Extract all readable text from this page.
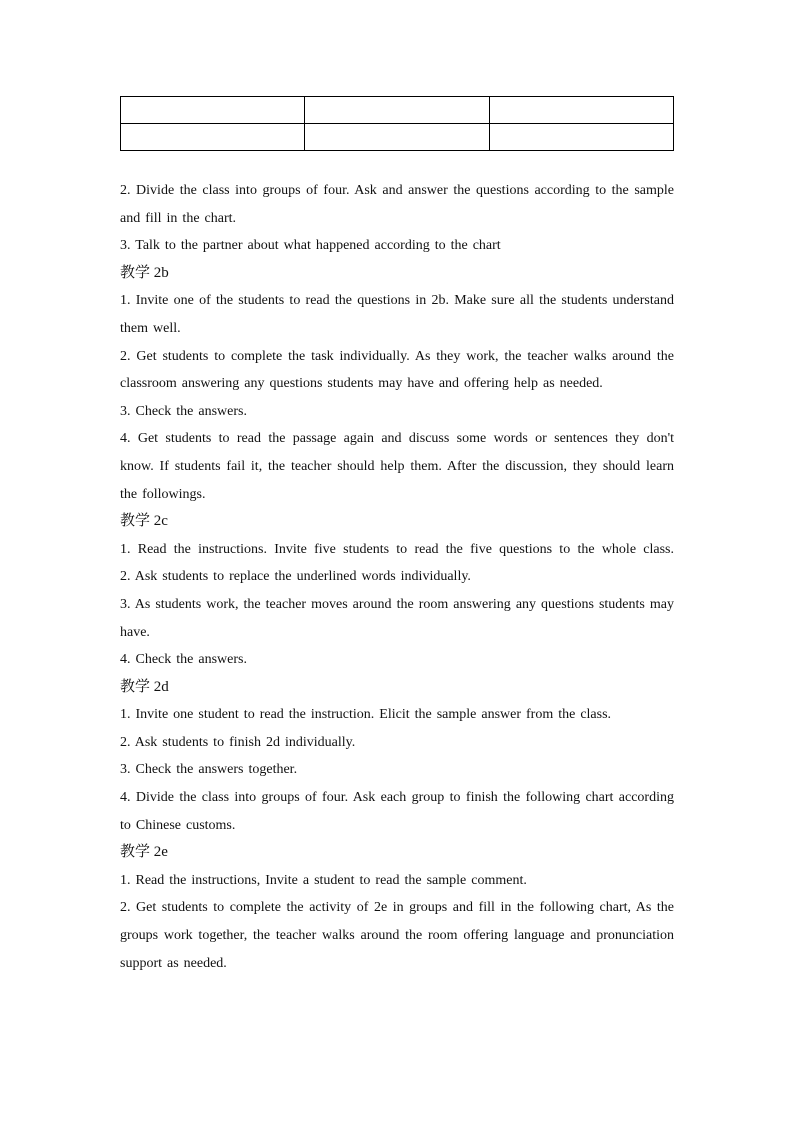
2. Divide the class into groups of four. Ask and answer the questions according to the sample and fill in the chart.

3. Talk to the partner about what happened according to the chart

教学 2b

1. Invite one of the students to read the questions in 2b. Make sure all the students understand them well.

2. Get students to complete the task individually. As they work, the teacher walks around the classroom answering any questions students may have and offering help as needed.

3. Check the answers.

4. Get students to read the passage again and discuss some words or sentences they don't know. If students fail it, the teacher should help them. After the discussion, they should learn the followings.

教学 2c

1. Read the instructions. Invite five students to read the five questions to the whole class.

2. Ask students to replace the underlined words individually.

3. As students work, the teacher moves around the room answering any questions students may have.

4. Check the answers.

教学 2d

1. Invite one student to read the instruction. Elicit the sample answer from the class.

2. Ask students to finish 2d individually.

3. Check the answers together.

4. Divide the class into groups of four. Ask each group to finish the following chart according to Chinese customs.

教学 2e

1. Read the instructions, Invite a student to read the sample comment.

2. Get students to complete the activity of 2e in groups and fill in the following chart, As the groups work together, the teacher walks around the room offering language and pronunciation support as needed.
